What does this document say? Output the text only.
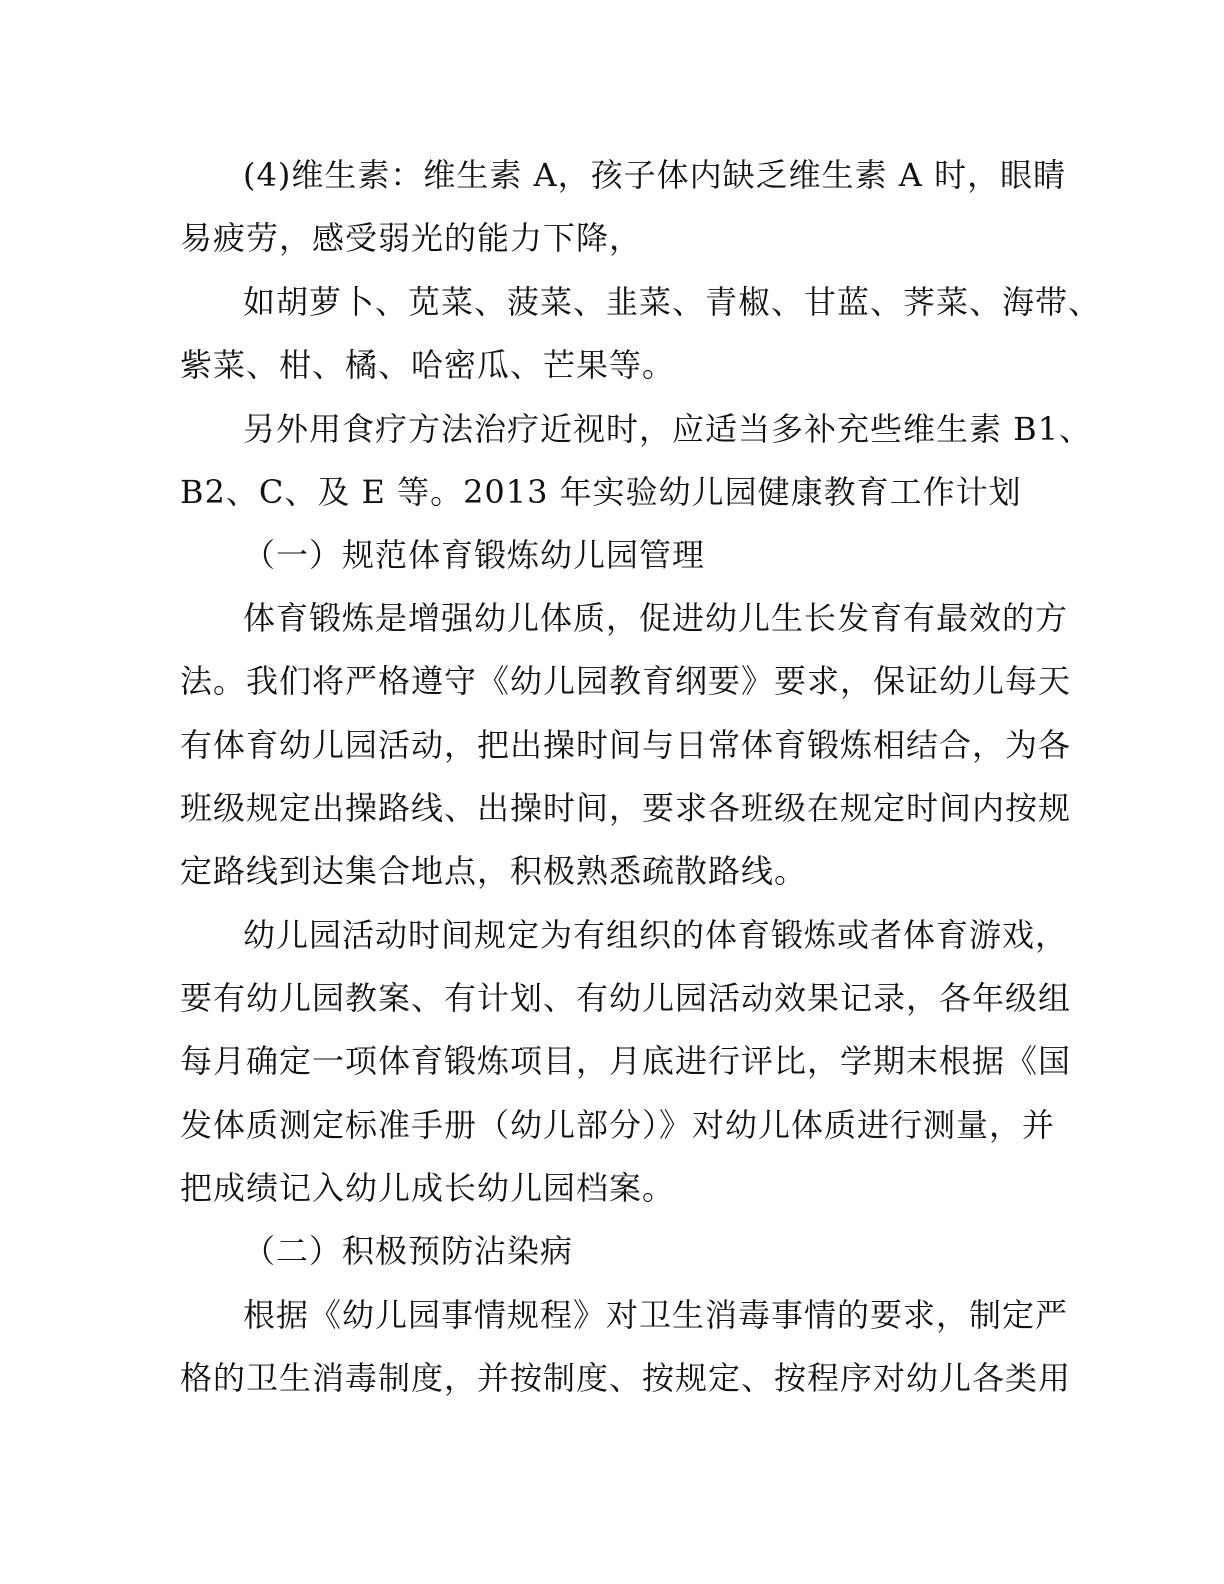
(4)维生素：维生素 A，孩子体内缺乏维生素 A 时，眼睛
易疲劳，感受弱光的能力下降，
如胡萝卜、苋菜、菠菜、韭菜、青椒、甘蓝、荠菜、海带、
紫菜、柑、橘、哈密瓜、芒果等。
另外用食疗方法治疗近视时，应适当多补充些维生素 B1、
B2、C、及 E 等。2013 年实验幼儿园健康教育工作计划
（一）规范体育锻炼幼儿园管理
体育锻炼是增强幼儿体质，促进幼儿生长发育有最效的方
法。我们将严格遵守《幼儿园教育纲要》要求，保证幼儿每天
有体育幼儿园活动，把出操时间与日常体育锻炼相结合，为各
班级规定出操路线、出操时间，要求各班级在规定时间内按规
定路线到达集合地点，积极熟悉疏散路线。
幼儿园活动时间规定为有组织的体育锻炼或者体育游戏，
要有幼儿园教案、有计划、有幼儿园活动效果记录，各年级组
每月确定一项体育锻炼项目，月底进行评比，学期末根据《国
发体质测定标准手册（幼儿部分）》对幼儿体质进行测量，并
把成绩记入幼儿成长幼儿园档案。
（二）积极预防沾染病
根据《幼儿园事情规程》对卫生消毒事情的要求，制定严
格的卫生消毒制度，并按制度、按规定、按程序对幼儿各类用
